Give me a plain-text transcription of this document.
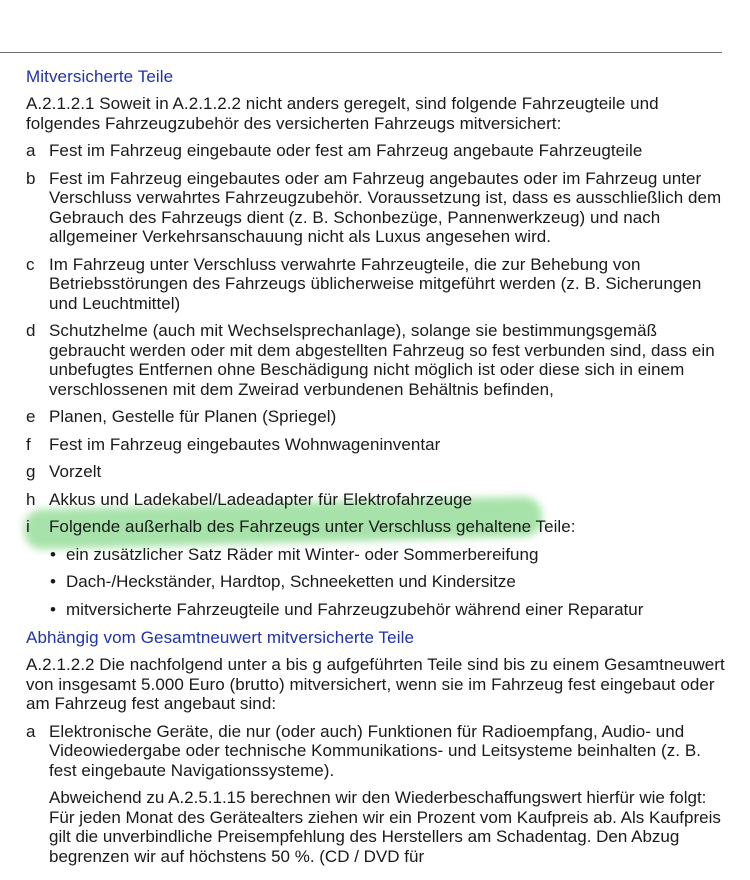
Mitversicherte Teile
A.2.1.2.1 Soweit in A.2.1.2.2 nicht anders geregelt, sind folgende Fahrzeugteile und folgendes Fahrzeugzubehör des versicherten Fahrzeugs mitversichert:
a Fest im Fahrzeug eingebaute oder fest am Fahrzeug angebaute Fahrzeugteile
b Fest im Fahrzeug eingebautes oder am Fahrzeug angebautes oder im Fahrzeug unter Verschluss verwahrtes Fahrzeugzubehör. Voraussetzung ist, dass es ausschließlich dem Gebrauch des Fahrzeugs dient (z. B. Schonbezüge, Pannenwerkzeug) und nach allgemeiner Verkehrsanschauung nicht als Luxus angesehen wird.
c Im Fahrzeug unter Verschluss verwahrte Fahrzeugteile, die zur Behebung von Betriebsstörungen des Fahrzeugs üblicherweise mitgeführt werden (z. B. Sicherungen und Leuchtmittel)
d Schutzhelme (auch mit Wechselsprechanlage), solange sie bestimmungsgemäß gebraucht werden oder mit dem abgestellten Fahrzeug so fest verbunden sind, dass ein unbefugtes Entfernen ohne Beschädigung nicht möglich ist oder diese sich in einem verschlossenen mit dem Zweirad verbundenen Behältnis befinden,
e Planen, Gestelle für Planen (Spriegel)
f	Fest im Fahrzeug eingebautes Wohnwageninventar
g Vorzelt
h Akkus und Ladekabel/Ladeadapter für Elektrofahrzeuge
i	Folgende außerhalb des Fahrzeugs unter Verschluss gehaltene Teile:
• ein zusätzlicher Satz Räder mit Winter- oder Sommerbereifung
• Dach-/Heckständer, Hardtop, Schneeketten und Kindersitze
• mitversicherte Fahrzeugteile und Fahrzeugzubehör während einer Reparatur
Abhängig vom Gesamtneuwert mitversicherte Teile
A.2.1.2.2 Die nachfolgend unter a bis g aufgeführten Teile sind bis zu einem Gesamtneuwert von insgesamt 5.000 Euro (brutto) mitversichert, wenn sie im Fahrzeug fest eingebaut oder am Fahrzeug fest angebaut sind:
a Elektronische Geräte, die nur (oder auch) Funktionen für Radioempfang, Audio- und Videowiedergabe oder technische Kommunikations- und Leitsysteme beinhalten (z. B. fest eingebaute Navigationssysteme).
Abweichend zu A.2.5.1.15 berechnen wir den Wiederbeschaffungswert hierfür wie folgt: Für jeden Monat des Gerätealters ziehen wir ein Prozent vom Kaufpreis ab. Als Kaufpreis gilt die unverbindliche Preisempfehlung des Herstellers am Schadentag. Den Abzug begrenzen wir auf höchstens 50 %. (CD / DVD für
